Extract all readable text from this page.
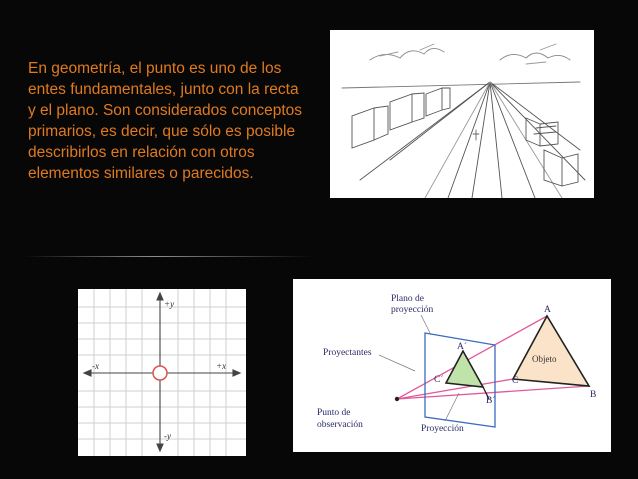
En geometría, el punto es uno de los entes fundamentales, junto con la recta y el plano. Son considerados conceptos primarios, es decir, que sólo es posible describirlos en relación con otros elementos similares o parecidos.

+y
-y
+x
-x
Plano de
proyección
Proyectantes
Punto de
observación	Proyección
Objeto
A
B
C
A´
B´
C´
